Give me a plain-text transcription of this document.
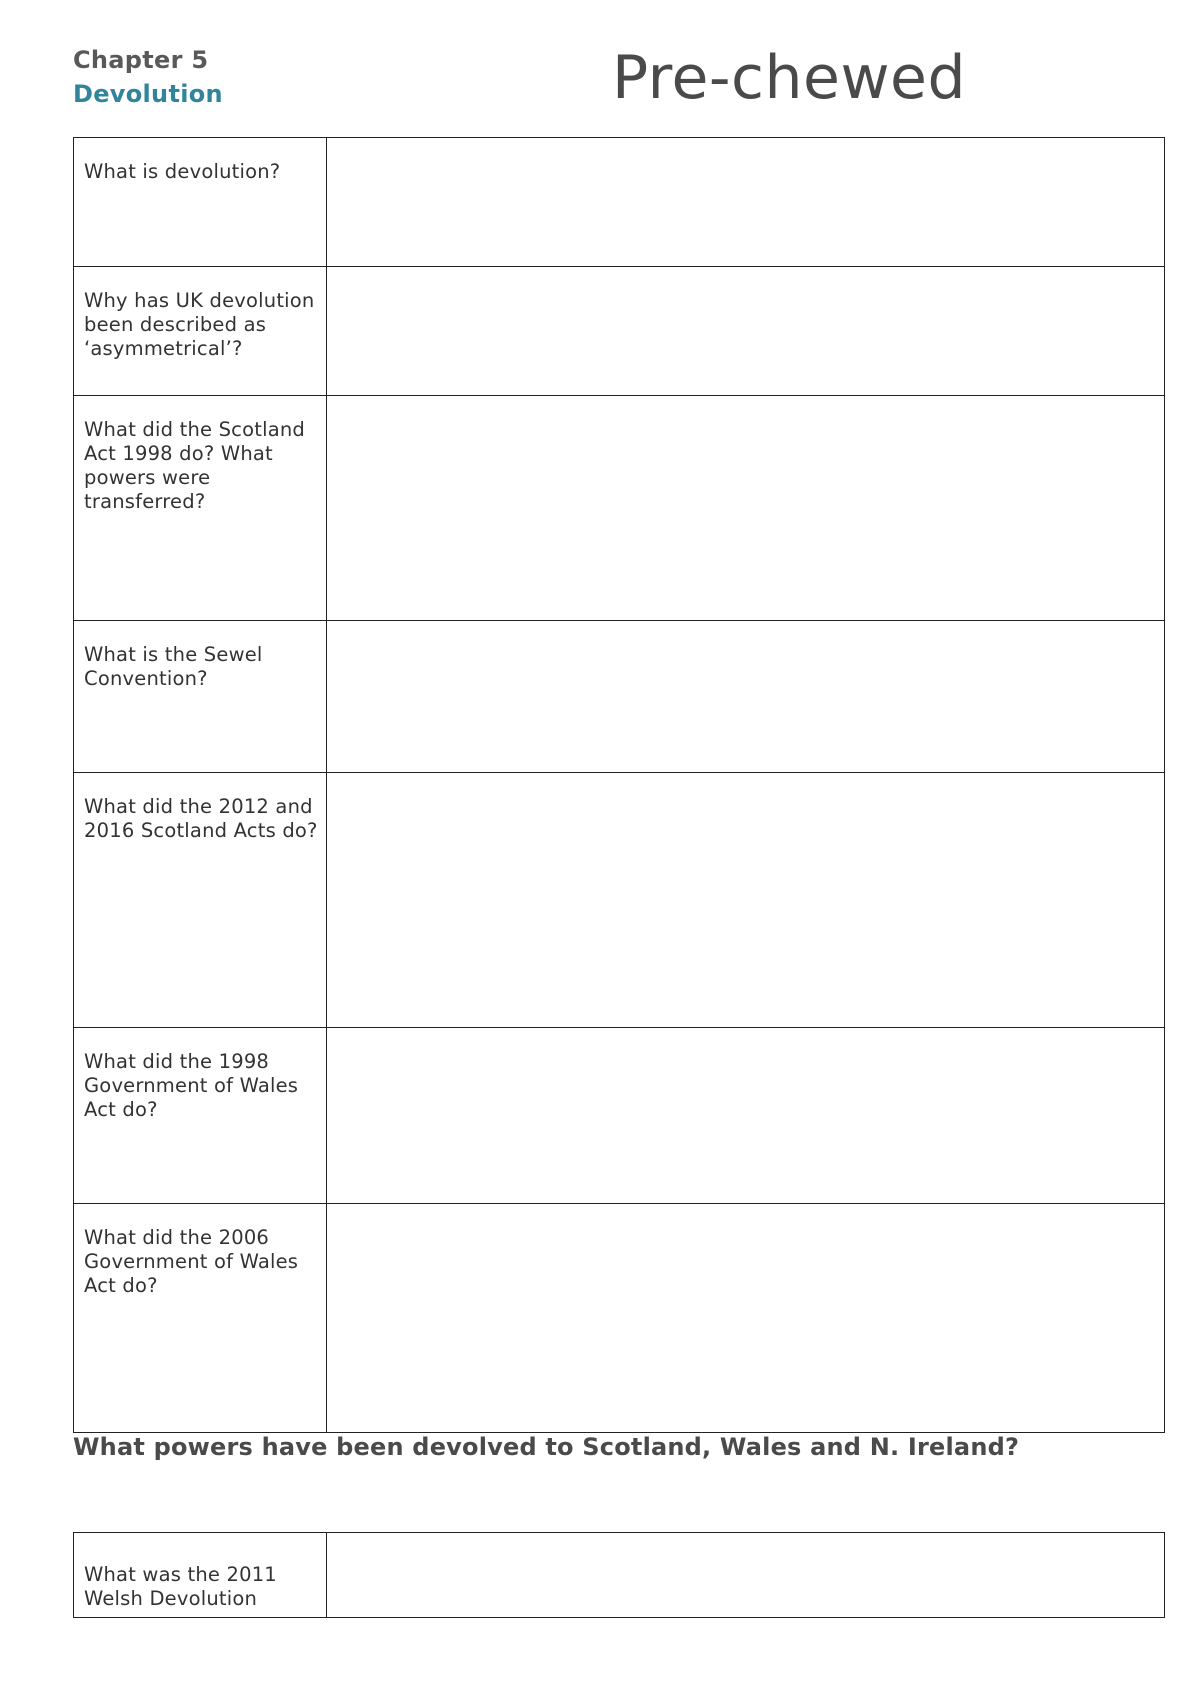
Chapter 5
Devolution	Pre-chewed
What is devolution?	
Why has UK devolution been described as ‘asymmetrical’?	
What did the Scotland Act 1998 do? What powers were transferred?	
What is the Sewel Convention?	
What did the 2012 and 2016 Scotland Acts do?	
What did the 1998 Government of Wales Act do?	
What did the 2006 Government of Wales Act do?	
What powers have been devolved to Scotland, Wales and N. Ireland?
What was the 2011 Welsh Devolution	
